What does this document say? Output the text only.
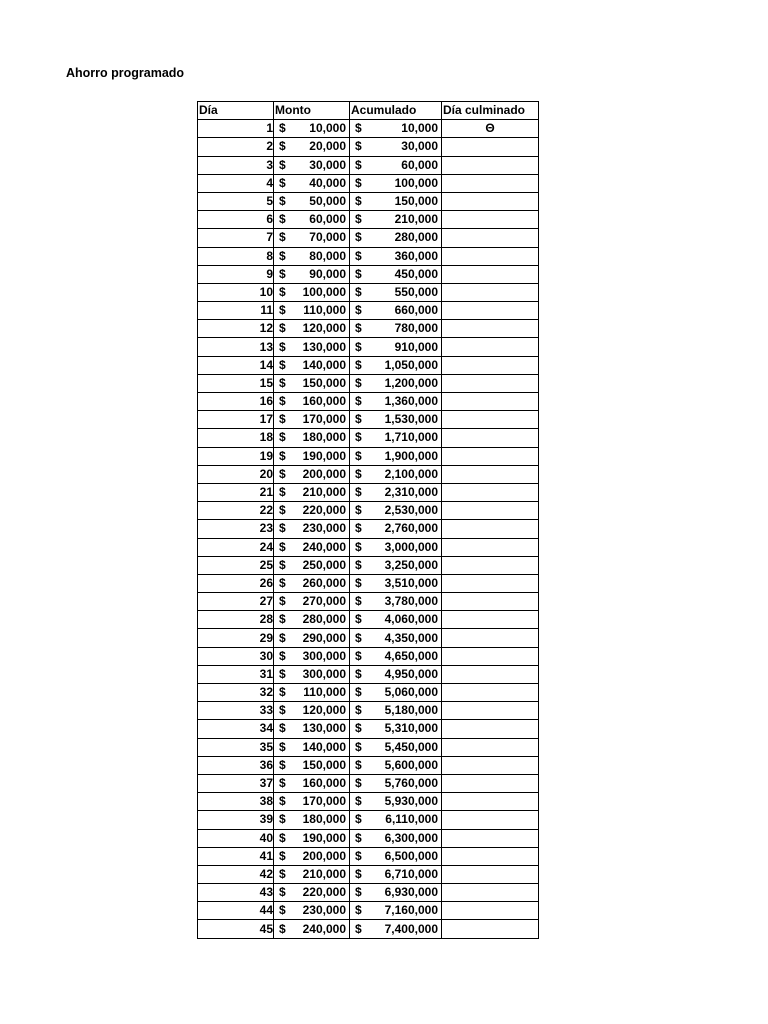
Ahorro programado
Día	Monto	Acumulado	Día culminado
1	$ 10,000	$ 10,000	Θ
2	$ 20,000	$ 30,000	

3	$ 30,000	$ 60,000	

4	$ 40,000	$ 100,000	

5	$ 50,000	$ 150,000	

6	$ 60,000	$ 210,000	

7	$ 70,000	$ 280,000	

8	$ 80,000	$ 360,000	

9	$ 90,000	$ 450,000	

10	$ 100,000	$ 550,000	

11	$ 110,000	$ 660,000	

12	$ 120,000	$ 780,000	

13	$ 130,000	$ 910,000	

14	$ 140,000	$ 1,050,000	

15	$ 150,000	$ 1,200,000	

16	$ 160,000	$ 1,360,000	

17	$ 170,000	$ 1,530,000	

18	$ 180,000	$ 1,710,000	

19	$ 190,000	$ 1,900,000	

20	$ 200,000	$ 2,100,000	

21	$ 210,000	$ 2,310,000	

22	$ 220,000	$ 2,530,000	

23	$ 230,000	$ 2,760,000	

24	$ 240,000	$ 3,000,000	

25	$ 250,000	$ 3,250,000	

26	$ 260,000	$ 3,510,000	

27	$ 270,000	$ 3,780,000	

28	$ 280,000	$ 4,060,000	

29	$ 290,000	$ 4,350,000	

30	$ 300,000	$ 4,650,000	

31	$ 300,000	$ 4,950,000	

32	$ 110,000	$ 5,060,000	

33	$ 120,000	$ 5,180,000	

34	$ 130,000	$ 5,310,000	

35	$ 140,000	$ 5,450,000	

36	$ 150,000	$ 5,600,000	

37	$ 160,000	$ 5,760,000	

38	$ 170,000	$ 5,930,000	

39	$ 180,000	$ 6,110,000	

40	$ 190,000	$ 6,300,000	

41	$ 200,000	$ 6,500,000	

42	$ 210,000	$ 6,710,000	

43	$ 220,000	$ 6,930,000	

44	$ 230,000	$ 7,160,000	

45	$ 240,000	$ 7,400,000	
